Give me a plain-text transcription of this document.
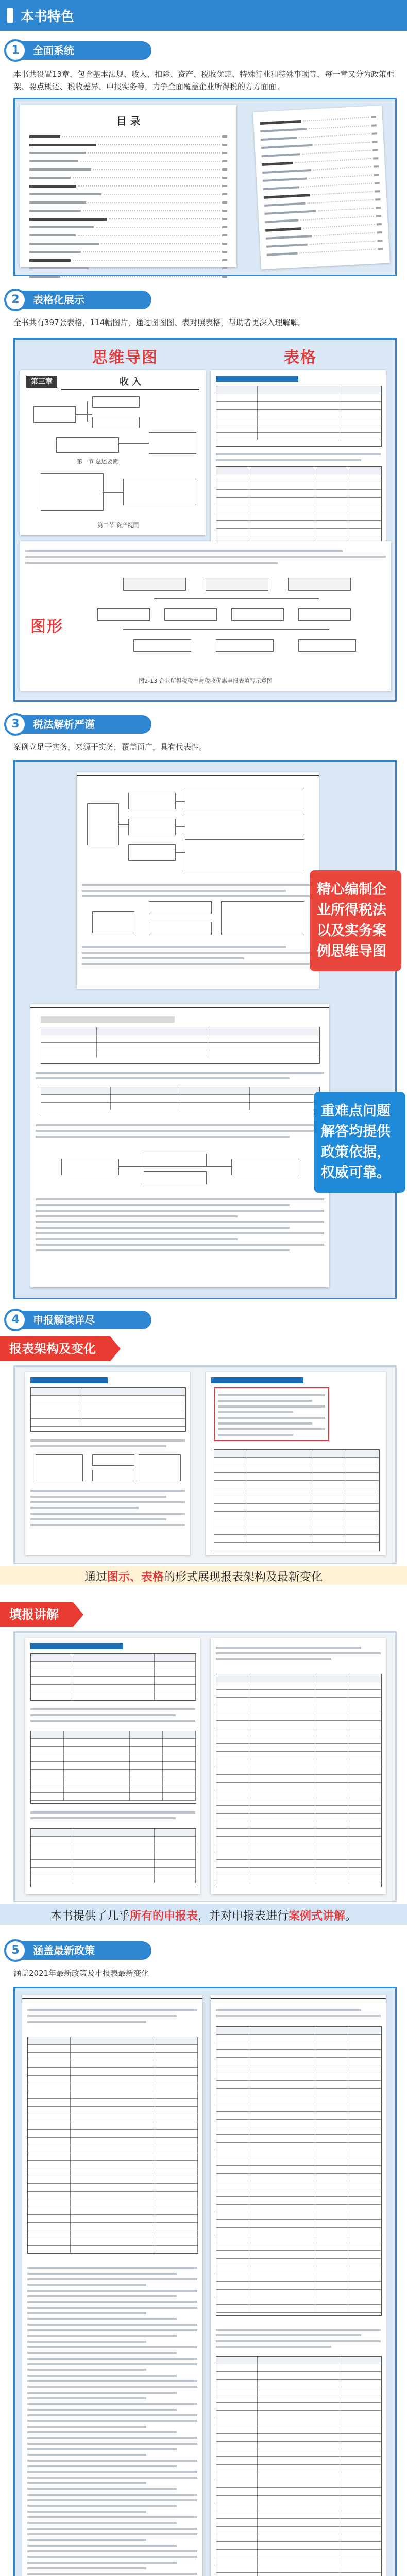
本书特色
全面系统
1
本书共设置13章，包含基本法规、收入、扣除、资产、税收优惠、特殊行业和特殊事项等，每一章又分为政策框架、要点概述、税收差异、申报实务等，力争全面覆盖企业所得税的方方面面。
目 录
表格化展示
2
全书共有397张表格，114幅图片，通过图图图、表对照表格，帮助者更深入理解解。
思维导图	表格
第三章	收 入
第一节 总述要素
第二节 资产视同
图形
图2-13 企业所得税税率与税收优惠申报表填写示意图
税法解析严谨
3
案例立足于实务，来源于实务，覆盖面广，具有代表性。
精心编制企业所得税法以及实务案例思维导图
重难点问题解答均提供政策依据，权威可靠。
申报解读详尽
4
报表架构及变化
通过图示、表格的形式展现报表架构及最新变化
填报讲解
本书提供了几乎所有的申报表，并对申报表进行案例式讲解。
涵盖最新政策
5
涵盖2021年最新政策及申报表最新变化
